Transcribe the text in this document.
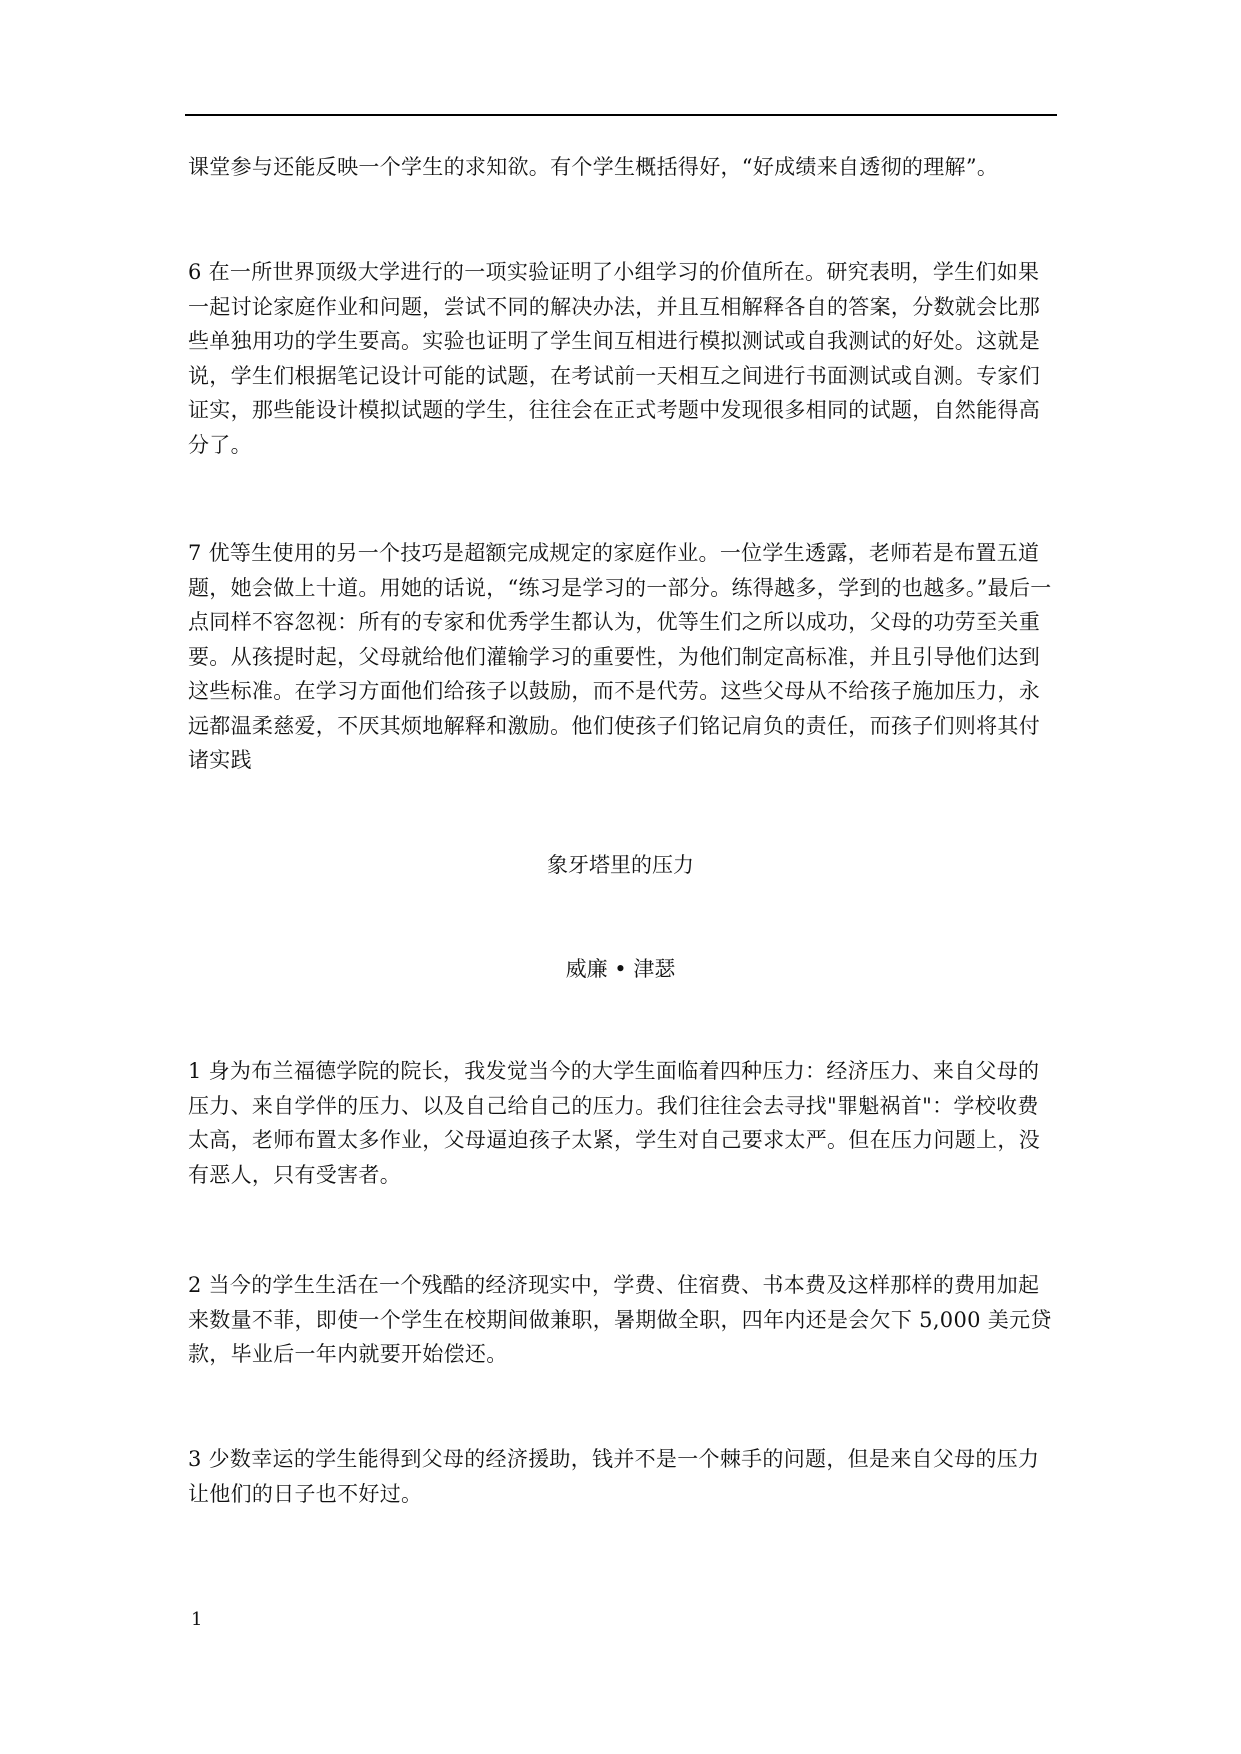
课堂参与还能反映一个学生的求知欲。有个学生概括得好，“好成绩来自透彻的理解”。

6 在一所世界顶级大学进行的一项实验证明了小组学习的价值所在。研究表明，学生们如果一起讨论家庭作业和问题，尝试不同的解决办法，并且互相解释各自的答案，分数就会比那些单独用功的学生要高。实验也证明了学生间互相进行模拟测试或自我测试的好处。这就是说，学生们根据笔记设计可能的试题，在考试前一天相互之间进行书面测试或自测。专家们证实，那些能设计模拟试题的学生，往往会在正式考题中发现很多相同的试题，自然能得高分了。

7 优等生使用的另一个技巧是超额完成规定的家庭作业。一位学生透露，老师若是布置五道题，她会做上十道。用她的话说，“练习是学习的一部分。练得越多，学到的也越多。”最后一点同样不容忽视：所有的专家和优秀学生都认为，优等生们之所以成功，父母的功劳至关重要。从孩提时起，父母就给他们灌输学习的重要性，为他们制定高标准，并且引导他们达到这些标准。在学习方面他们给孩子以鼓励，而不是代劳。这些父母从不给孩子施加压力，永远都温柔慈爱，不厌其烦地解释和激励。他们使孩子们铭记肩负的责任，而孩子们则将其付诸实践

象牙塔里的压力

威廉 • 津瑟

1 身为布兰福德学院的院长，我发觉当今的大学生面临着四种压力：经济压力、来自父母的压力、来自学伴的压力、以及自己给自己的压力。我们往往会去寻找"罪魁祸首"：学校收费太高，老师布置太多作业，父母逼迫孩子太紧，学生对自己要求太严。但在压力问题上，没有恶人，只有受害者。

2 当今的学生生活在一个残酷的经济现实中，学费、住宿费、书本费及这样那样的费用加起来数量不菲，即使一个学生在校期间做兼职，暑期做全职，四年内还是会欠下 5,000 美元贷款，毕业后一年内就要开始偿还。

3 少数幸运的学生能得到父母的经济援助，钱并不是一个棘手的问题，但是来自父母的压力让他们的日子也不好过。

1
